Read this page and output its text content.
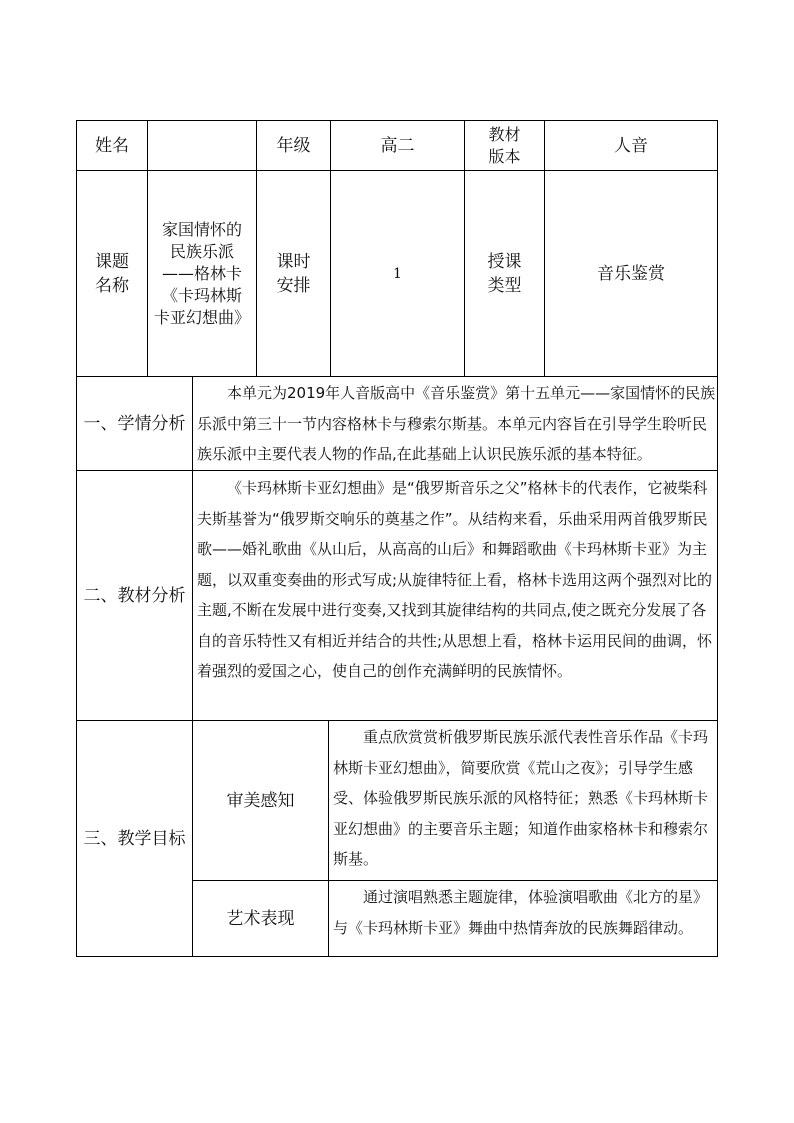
姓名	年级	高二
教材
版本
人音
课题
名称
家国情怀的
民族乐派
——格林卡
《卡玛林斯
卡亚幻想曲》
课时
安排
1
授课
类型
音乐鉴赏
一、学情分析
本单元为2019年人音版高中《音乐鉴赏》第十五单元——家国情怀的民族乐派中第三十一节内容格林卡与穆索尔斯基。本单元内容旨在引导学生聆听民族乐派中主要代表人物的作品,在此基础上认识民族乐派的基本特征。
二、教材分析
《卡玛林斯卡亚幻想曲》是“俄罗斯音乐之父”格林卡的代表作，它被柴科夫斯基誉为“俄罗斯交响乐的奠基之作”。从结构来看，乐曲采用两首俄罗斯民歌——婚礼歌曲《从山后，从高高的山后》和舞蹈歌曲《卡玛林斯卡亚》为主题，以双重变奏曲的形式写成;从旋律特征上看，格林卡选用这两个强烈对比的主题,不断在发展中进行变奏,又找到其旋律结构的共同点,使之既充分发展了各自的音乐特性又有相近并结合的共性;从思想上看，格林卡运用民间的曲调，怀着强烈的爱国之心，使自己的创作充满鲜明的民族情怀。
三、教学目标
审美感知
重点欣赏赏析俄罗斯民族乐派代表性音乐作品《卡玛林斯卡亚幻想曲》，简要欣赏《荒山之夜》；引导学生感受、体验俄罗斯民族乐派的风格特征；熟悉《卡玛林斯卡亚幻想曲》的主要音乐主题；知道作曲家格林卡和穆索尔斯基。
艺术表现
通过演唱熟悉主题旋律，体验演唱歌曲《北方的星》与《卡玛林斯卡亚》舞曲中热情奔放的民族舞蹈律动。
